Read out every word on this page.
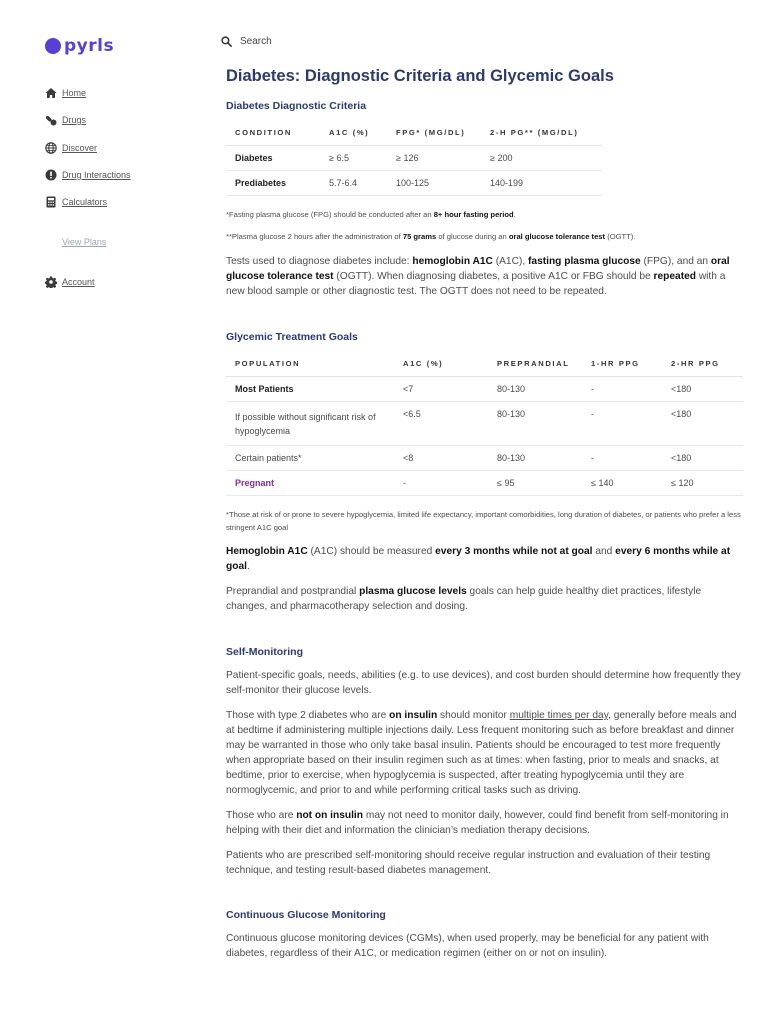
pyrls
Home
Drugs
Discover
Drug Interactions
Calculators
View Plans
Account
Search
Diabetes: Diagnostic Criteria and Glycemic Goals
Diabetes Diagnostic Criteria
CONDITION	A1C (%)	FPG* (MG/DL)	2-H PG** (MG/DL)
Diabetes	≥ 6.5	≥ 126	≥ 200
Prediabetes	5.7-6.4	100-125	140-199
*Fasting plasma glucose (FPG) should be conducted after an 8+ hour fasting period.
**Plasma glucose 2 hours after the administration of 75 grams of glucose during an oral glucose tolerance test (OGTT).

Tests used to diagnose diabetes include: hemoglobin A1C (A1C), fasting plasma glucose (FPG), and an oral glucose tolerance test (OGTT). When diagnosing diabetes, a positive A1C or FBG should be repeated with a new blood sample or other diagnostic test. The OGTT does not need to be repeated.

Glycemic Treatment Goals
POPULATION	A1C (%)	PREPRANDIAL	1-HR PPG	2-HR PPG
Most Patients	<7	80-130	-	<180
If possible without significant risk of hypoglycemia	<6.5	80-130	-	<180
Certain patients*	<8	80-130	-	<180
Pregnant	-	≤ 95	≤ 140	≤ 120
*Those at risk of or prone to severe hypoglycemia, limited life expectancy, important comorbidities, long duration of diabetes, or patients who prefer a less stringent A1C goal

Hemoglobin A1C (A1C) should be measured every 3 months while not at goal and every 6 months while at goal.

Preprandial and postprandial plasma glucose levels goals can help guide healthy diet practices, lifestyle changes, and pharmacotherapy selection and dosing.

Self-Monitoring

Patient-specific goals, needs, abilities (e.g. to use devices), and cost burden should determine how frequently they self-monitor their glucose levels.

Those with type 2 diabetes who are on insulin should monitor multiple times per day, generally before meals and at bedtime if administering multiple injections daily. Less frequent monitoring such as before breakfast and dinner may be warranted in those who only take basal insulin. Patients should be encouraged to test more frequently when appropriate based on their insulin regimen such as at times: when fasting, prior to meals and snacks, at bedtime, prior to exercise, when hypoglycemia is suspected, after treating hypoglycemia until they are normoglycemic, and prior to and while performing critical tasks such as driving.

Those who are not on insulin may not need to monitor daily, however, could find benefit from self-monitoring in helping with their diet and information the clinician’s mediation therapy decisions.

Patients who are prescribed self-monitoring should receive regular instruction and evaluation of their testing technique, and testing result-based diabetes management.

Continuous Glucose Monitoring

Continuous glucose monitoring devices (CGMs), when used properly, may be beneficial for any patient with diabetes, regardless of their A1C, or medication regimen (either on or not on insulin).
